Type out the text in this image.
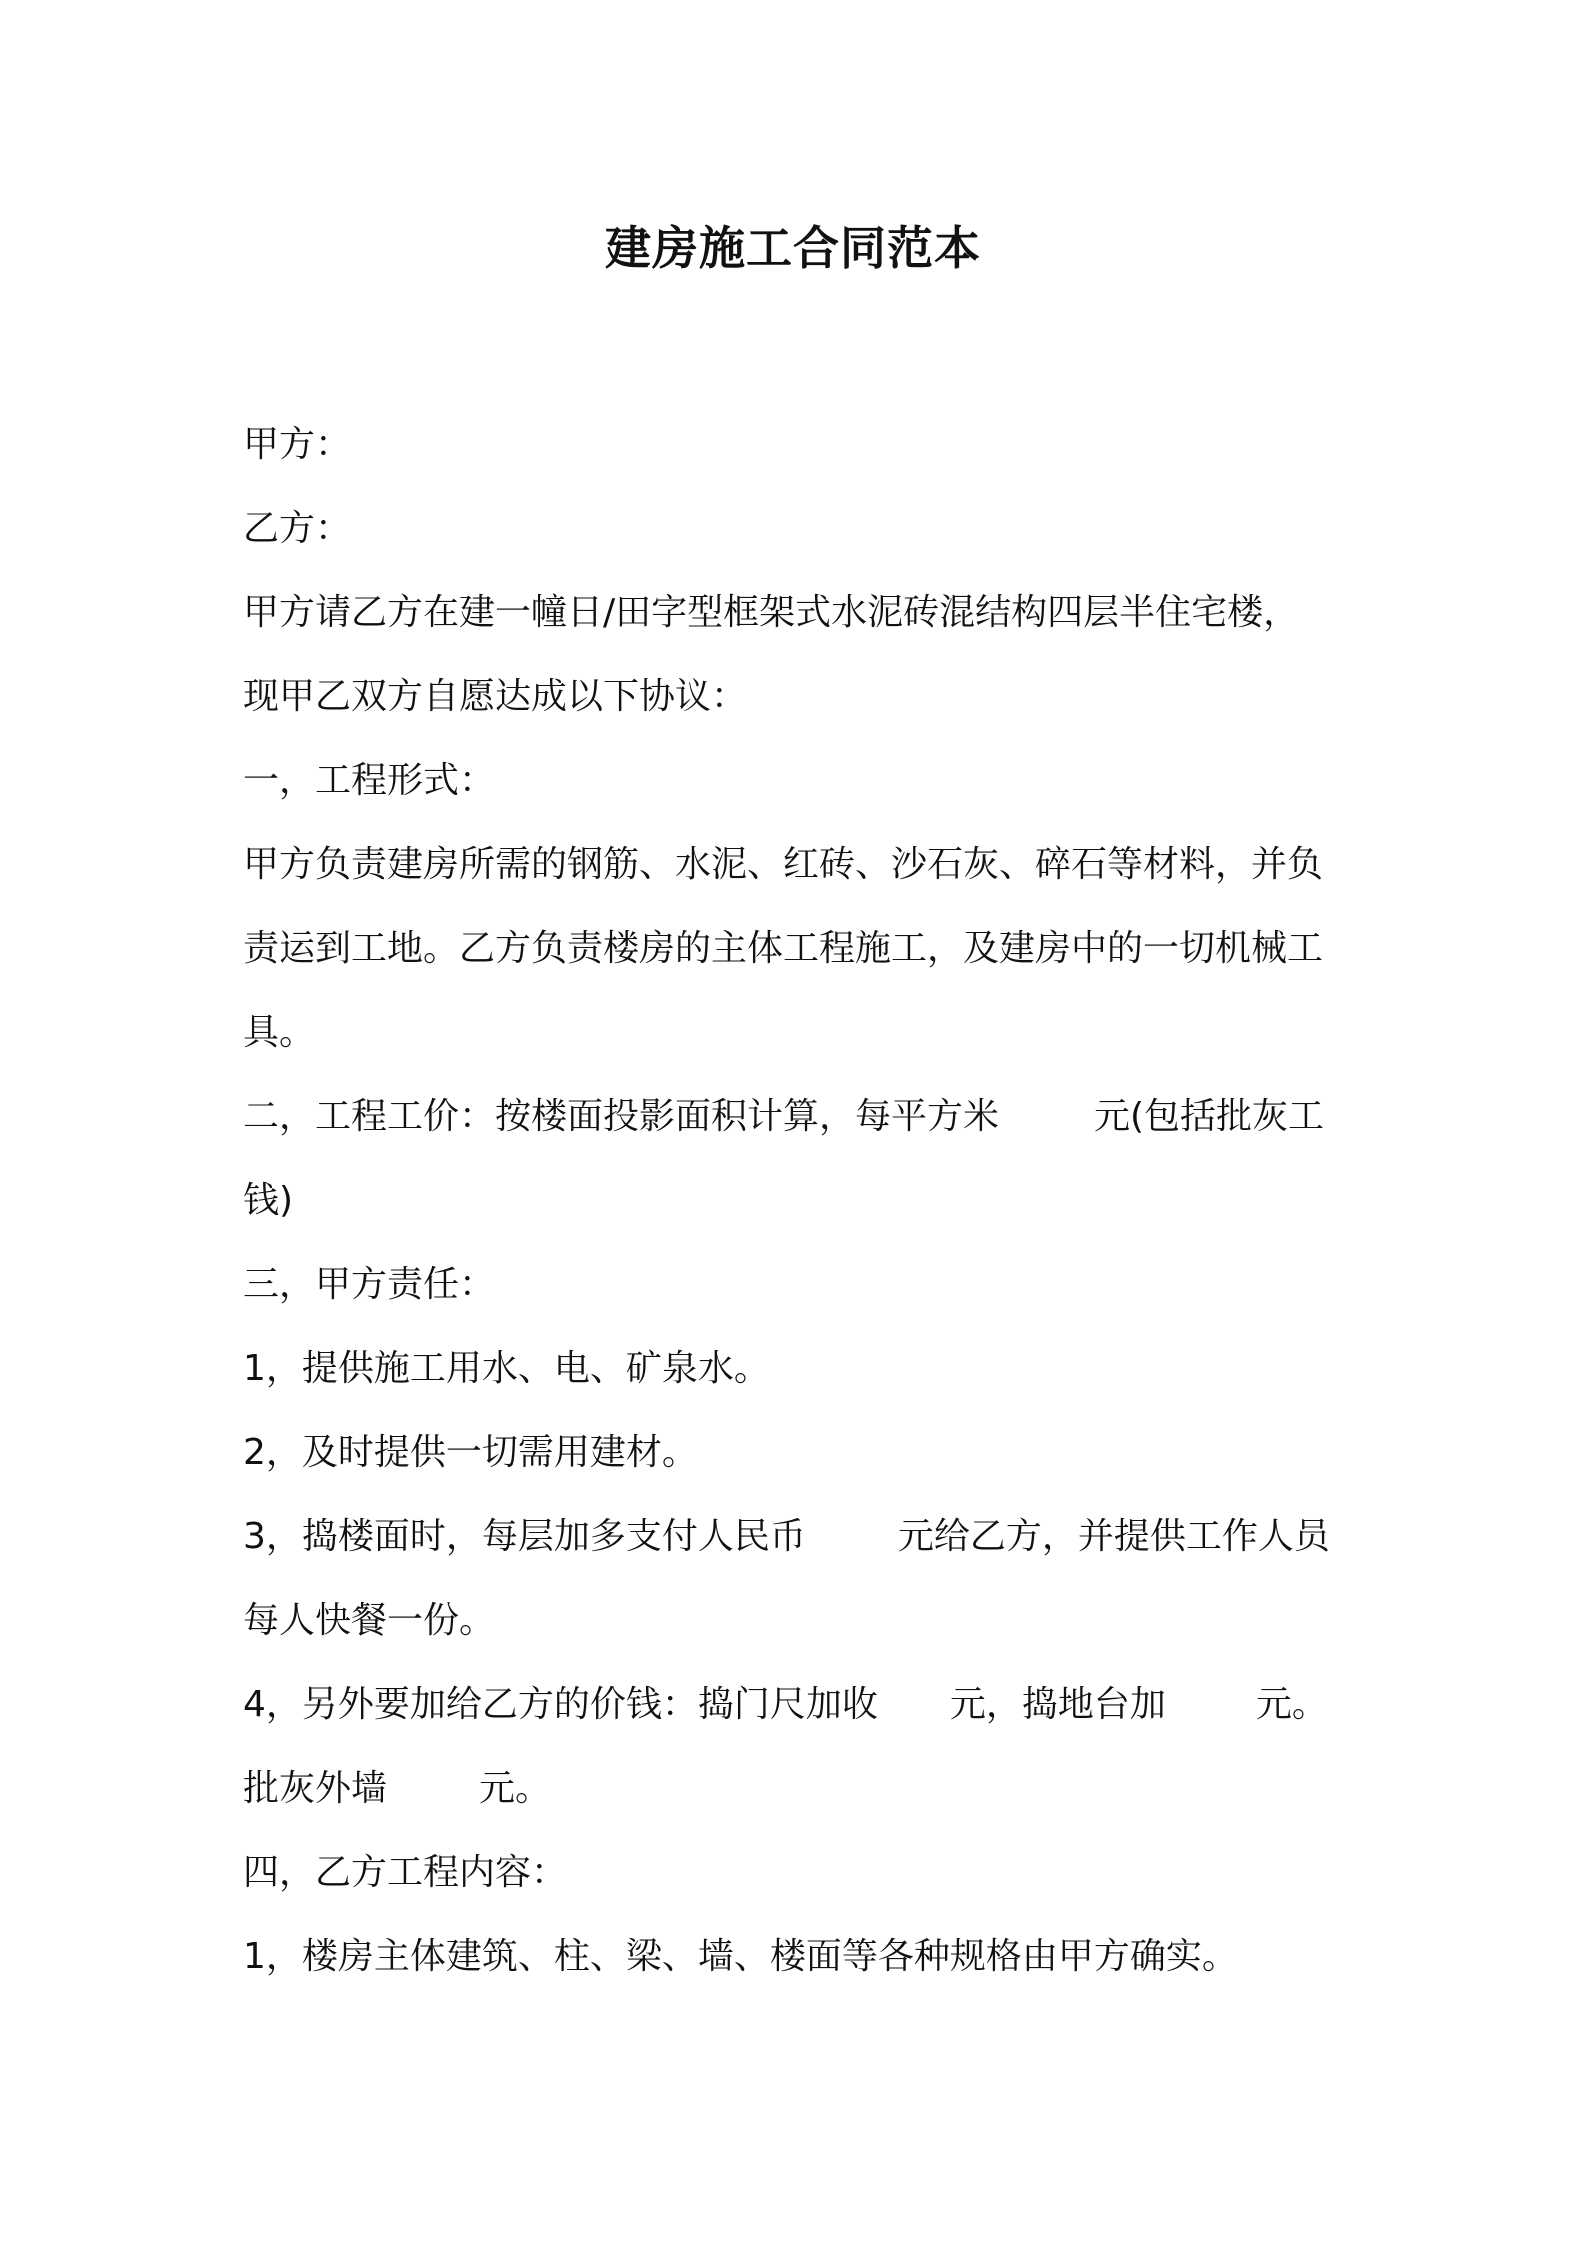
建房施工合同范本
甲方：
乙方：
甲方请乙方在建一幢日/田字型框架式水泥砖混结构四层半住宅楼，
现甲乙双方自愿达成以下协议：
一，工程形式：
甲方负责建房所需的钢筋、水泥、红砖、沙石灰、碎石等材料，并负
责运到工地。乙方负责楼房的主体工程施工，及建房中的一切机械工
具。
二，工程工价：按楼面投影面积计算，每平方米	元(包括批灰工
钱)
三，甲方责任：
1，提供施工用水、电、矿泉水。
2，及时提供一切需用建材。
3，捣楼面时，每层加多支付人民币	元给乙方，并提供工作人员
每人快餐一份。
4，另外要加给乙方的价钱：捣门尺加收 元，捣地台加	元。
批灰外墙	元。
四，乙方工程内容：
1，楼房主体建筑、柱、梁、墙、楼面等各种规格由甲方确实。
